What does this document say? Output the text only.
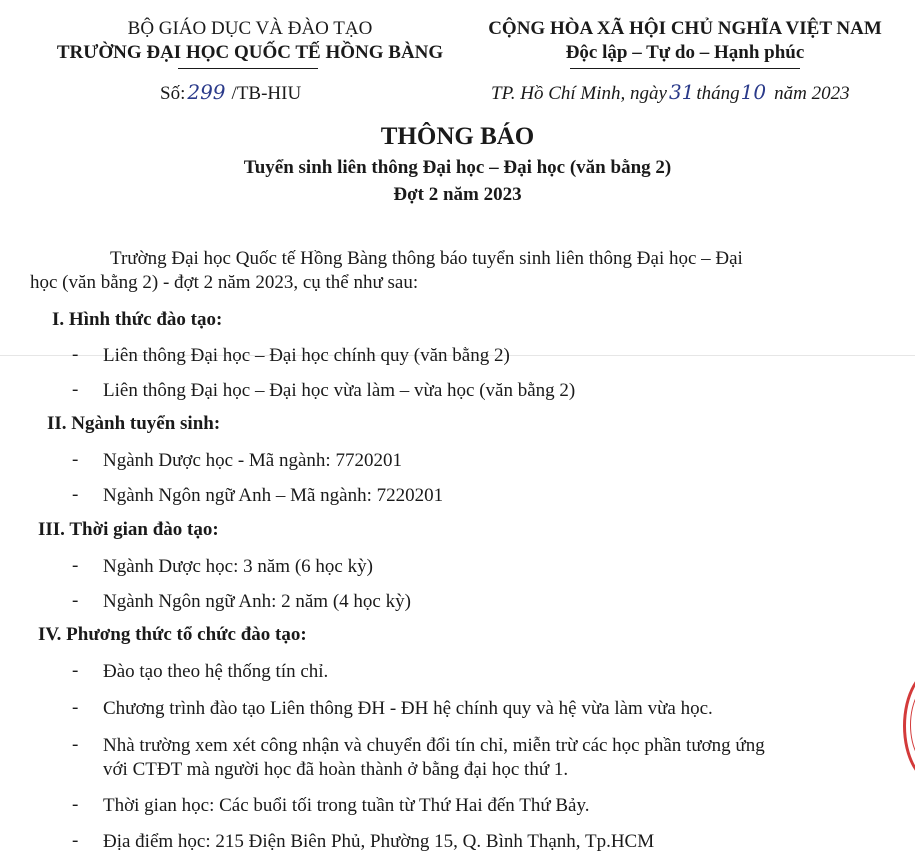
BỘ GIÁO DỤC VÀ ĐÀO TẠO
TRƯỜNG ĐẠI HỌC QUỐC TẾ HỒNG BÀNG
CỘNG HÒA XÃ HỘI CHỦ NGHĨA VIỆT NAM
Độc lập – Tự do – Hạnh phúc
Số: 299 /TB-HIU	TP. Hồ Chí Minh, ngày 31 tháng10 năm 2023
THÔNG BÁO
Tuyển sinh liên thông Đại học – Đại học (văn bằng 2)
Đợt 2 năm 2023
Trường Đại học Quốc tế Hồng Bàng thông báo tuyển sinh liên thông Đại học – Đại
học (văn bằng 2) - đợt 2 năm 2023, cụ thể như sau:
I. Hình thức đào tạo:
- Liên thông Đại học – Đại học chính quy (văn bằng 2)
- Liên thông Đại học – Đại học vừa làm – vừa học (văn bằng 2)
II. Ngành tuyển sinh:
- Ngành Dược học - Mã ngành: 7720201
- Ngành Ngôn ngữ Anh – Mã ngành: 7220201
III. Thời gian đào tạo:
- Ngành Dược học: 3 năm (6 học kỳ)
- Ngành Ngôn ngữ Anh: 2 năm (4 học kỳ)
IV. Phương thức tổ chức đào tạo:
- Đào tạo theo hệ thống tín chỉ.
- Chương trình đào tạo Liên thông ĐH - ĐH hệ chính quy và hệ vừa làm vừa học.
- Nhà trường xem xét công nhận và chuyển đổi tín chỉ, miễn trừ các học phần tương ứng
với CTĐT mà người học đã hoàn thành ở bằng đại học thứ 1.
- Thời gian học: Các buổi tối trong tuần từ Thứ Hai đến Thứ Bảy.
- Địa điểm học: 215 Điện Biên Phủ, Phường 15, Q. Bình Thạnh, Tp.HCM
